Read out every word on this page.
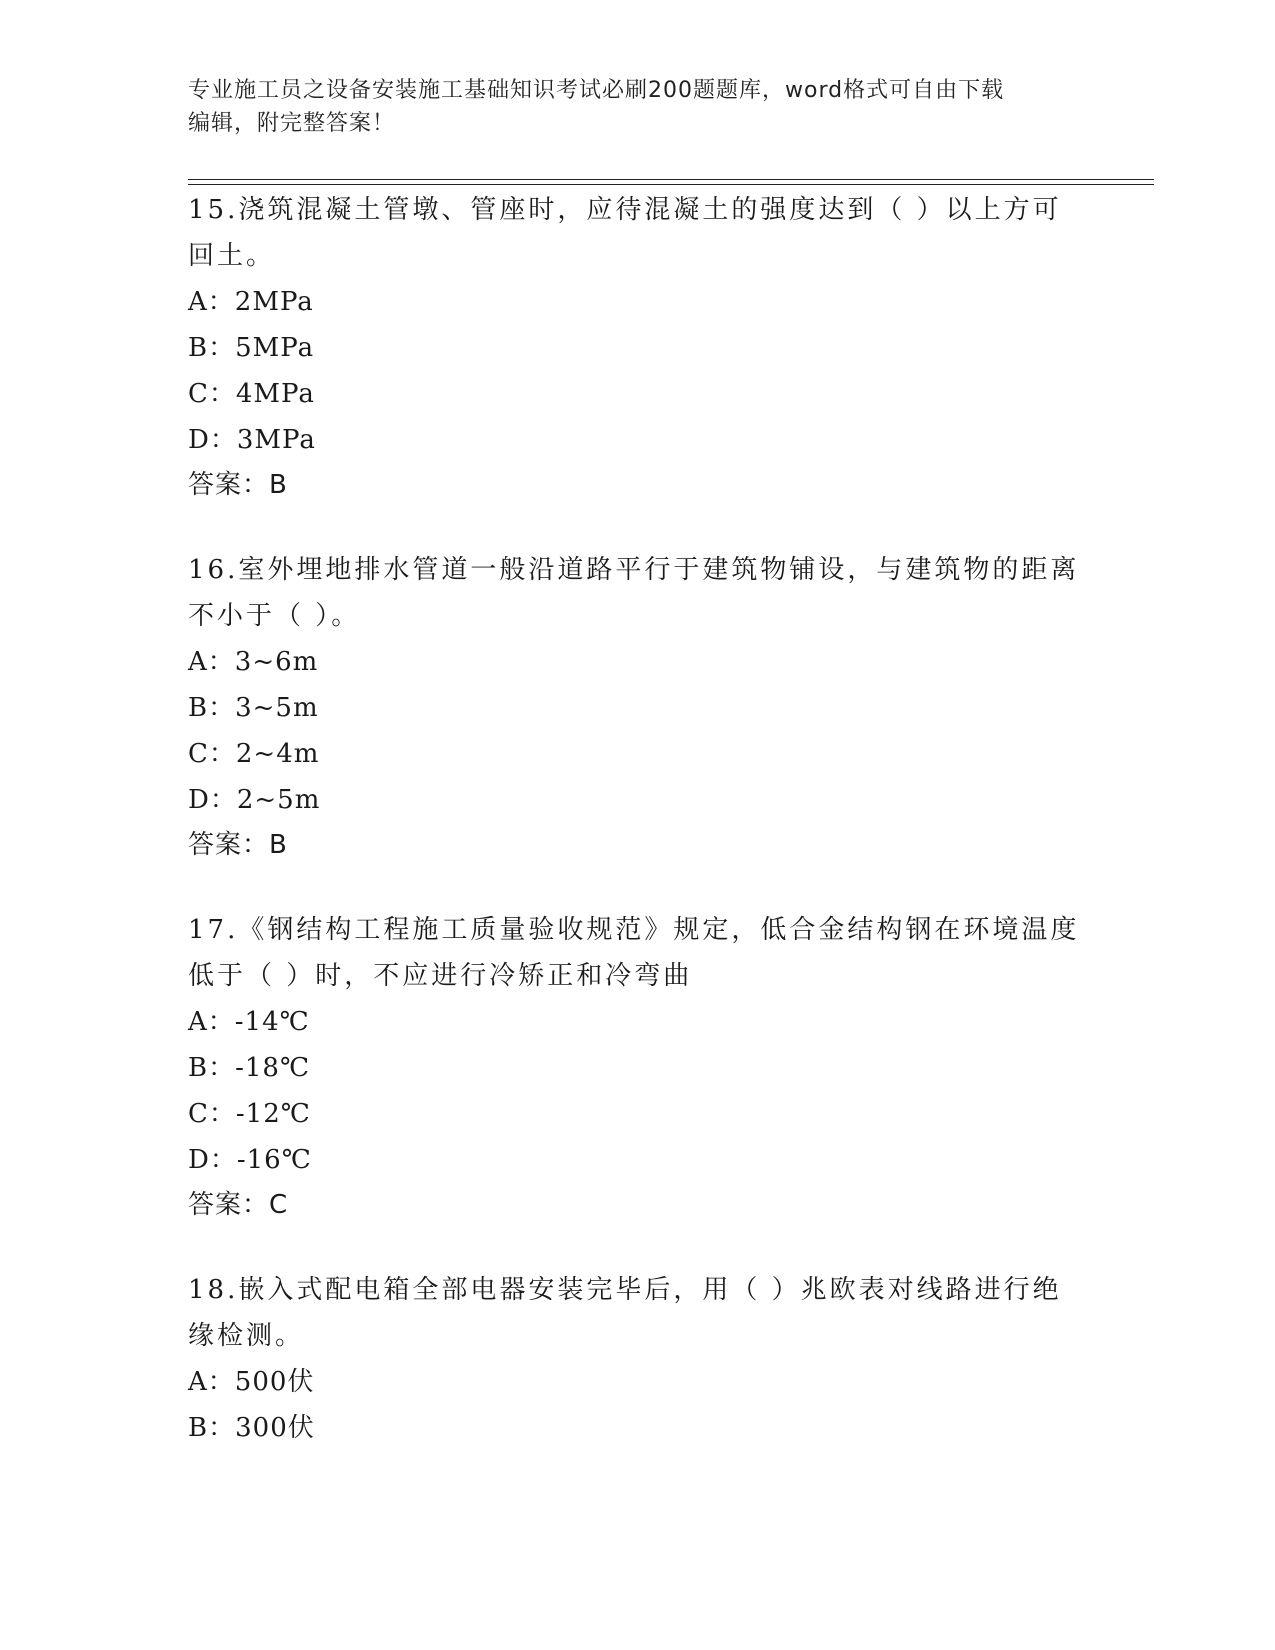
专业施工员之设备安装施工基础知识考试必刷200题题库，word格式可自由下载
编辑，附完整答案！
15.浇筑混凝土管墩、管座时，应待混凝土的强度达到（ ）以上方可
回土。
A：2MPa
B：5MPa
C：4MPa
D：3MPa
答案：B
16.室外埋地排水管道一般沿道路平行于建筑物铺设，与建筑物的距离
不小于（ ）。
A：3~6m
B：3~5m
C：2~4m
D：2~5m
答案：B
17.《钢结构工程施工质量验收规范》规定，低合金结构钢在环境温度
低于（ ）时，不应进行冷矫正和冷弯曲
A：-14℃
B：-18℃
C：-12℃
D：-16℃
答案：C
18.嵌入式配电箱全部电器安装完毕后，用（ ）兆欧表对线路进行绝
缘检测。
A：500伏
B：300伏
